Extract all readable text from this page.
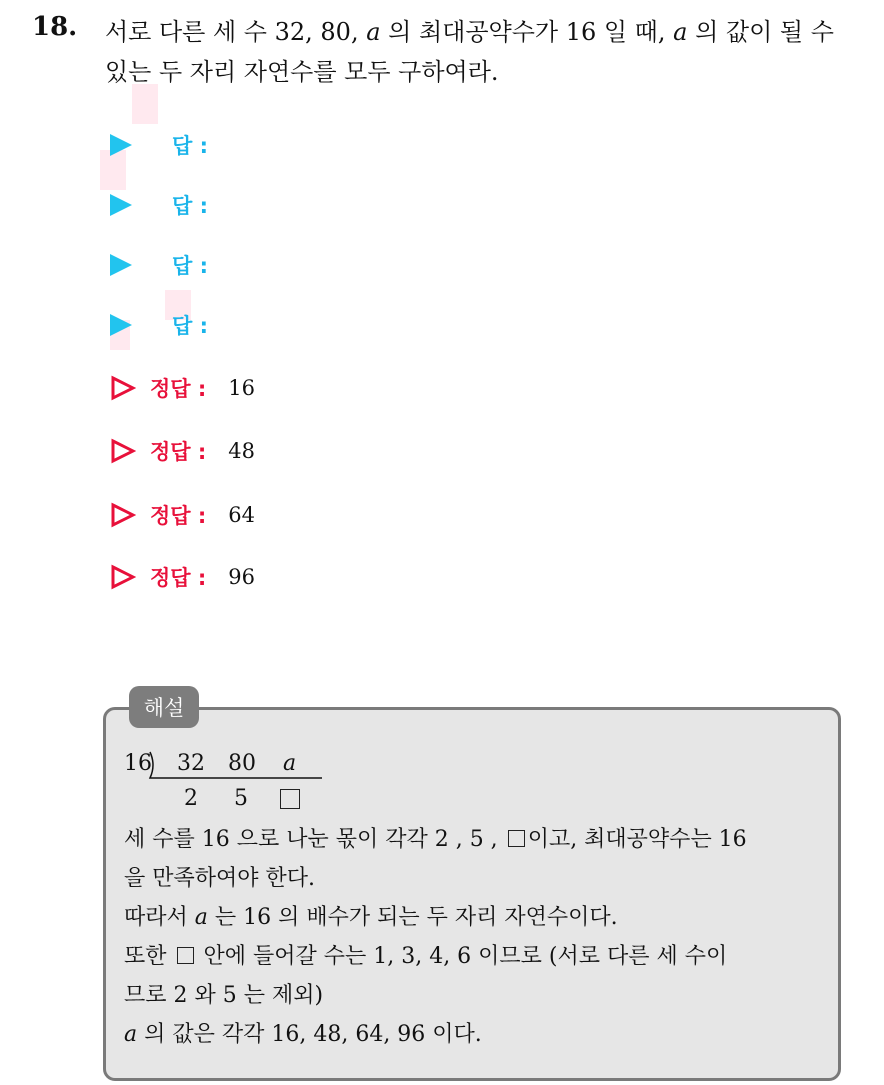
18. 서로 다른 세 수 32, 80, a 의 최대공약수가 16 일 때, a 의 값이 될 수
있는 두 자리 자연수를 모두 구하여라.
답 :
답 :
답 :
답 :
정답 : 16
정답 : 48
정답 : 64
정답 : 96
해설
16 32 80 a
2 5
세 수를 16 으로 나눈 몫이 각각 2 , 5 , 이고, 최대공약수는 16
을 만족하여야 한다.
따라서 a 는 16 의 배수가 되는 두 자리 자연수이다.
또한  안에 들어갈 수는 1, 3, 4, 6 이므로 (서로 다른 세 수이
므로 2 와 5 는 제외)
a 의 값은 각각 16, 48, 64, 96 이다.
